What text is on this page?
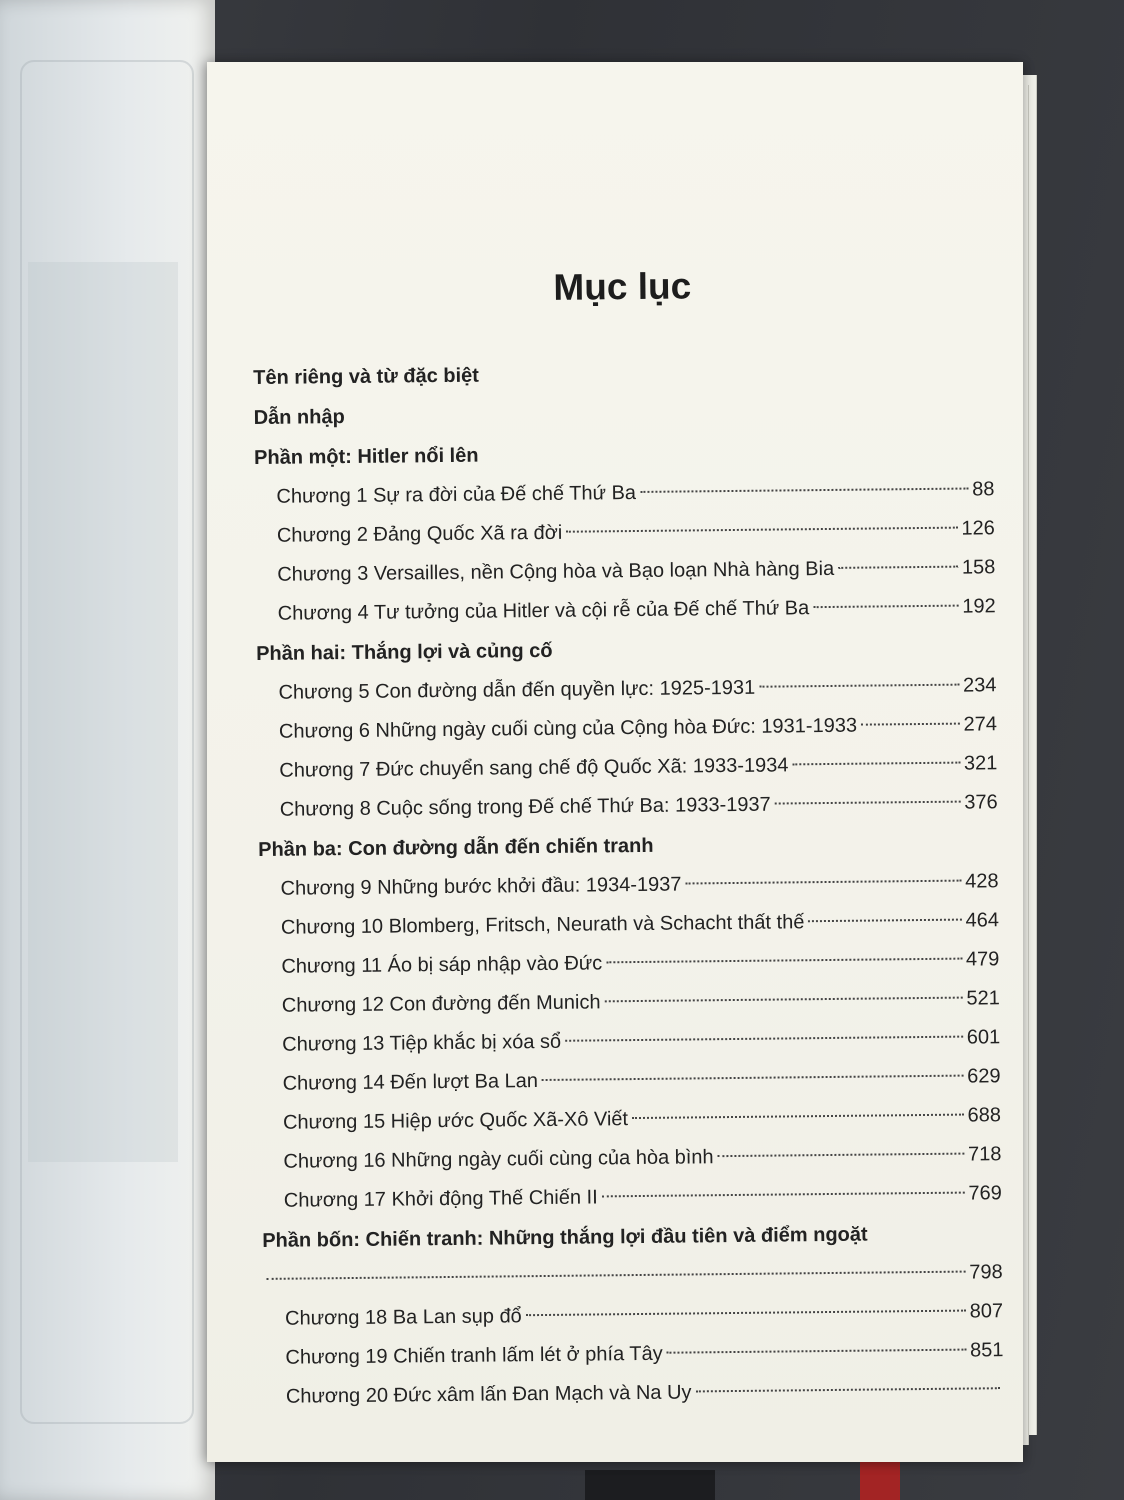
Mục lục
Tên riêng và từ đặc biệt
Dẫn nhập
Phần một: Hitler nổi lên
Chương 1 Sự ra đời của Đế chế Thứ Ba	88
Chương 2 Đảng Quốc Xã ra đời	126
Chương 3 Versailles, nền Cộng hòa và Bạo loạn Nhà hàng Bia	158
Chương 4 Tư tưởng của Hitler và cội rễ của Đế chế Thứ Ba	192
Phần hai: Thắng lợi và củng cố
Chương 5 Con đường dẫn đến quyền lực: 1925-1931	234
Chương 6 Những ngày cuối cùng của Cộng hòa Đức: 1931-1933	274
Chương 7 Đức chuyển sang chế độ Quốc Xã: 1933-1934	321
Chương 8 Cuộc sống trong Đế chế Thứ Ba: 1933-1937	376
Phần ba: Con đường dẫn đến chiến tranh
Chương 9 Những bước khởi đầu: 1934-1937	428
Chương 10 Blomberg, Fritsch, Neurath và Schacht thất thế	464
Chương 11 Áo bị sáp nhập vào Đức	479
Chương 12 Con đường đến Munich	521
Chương 13 Tiệp khắc bị xóa sổ	601
Chương 14 Đến lượt Ba Lan	629
Chương 15 Hiệp ước Quốc Xã-Xô Viết	688
Chương 16 Những ngày cuối cùng của hòa bình	718
Chương 17 Khởi động Thế Chiến II	769
Phần bốn: Chiến tranh: Những thắng lợi đầu tiên và điểm ngoặt
798
Chương 18 Ba Lan sụp đổ	807
Chương 19 Chiến tranh lấm lét ở phía Tây	851
Chương 20 Đức xâm lấn Đan Mạch và Na Uy
